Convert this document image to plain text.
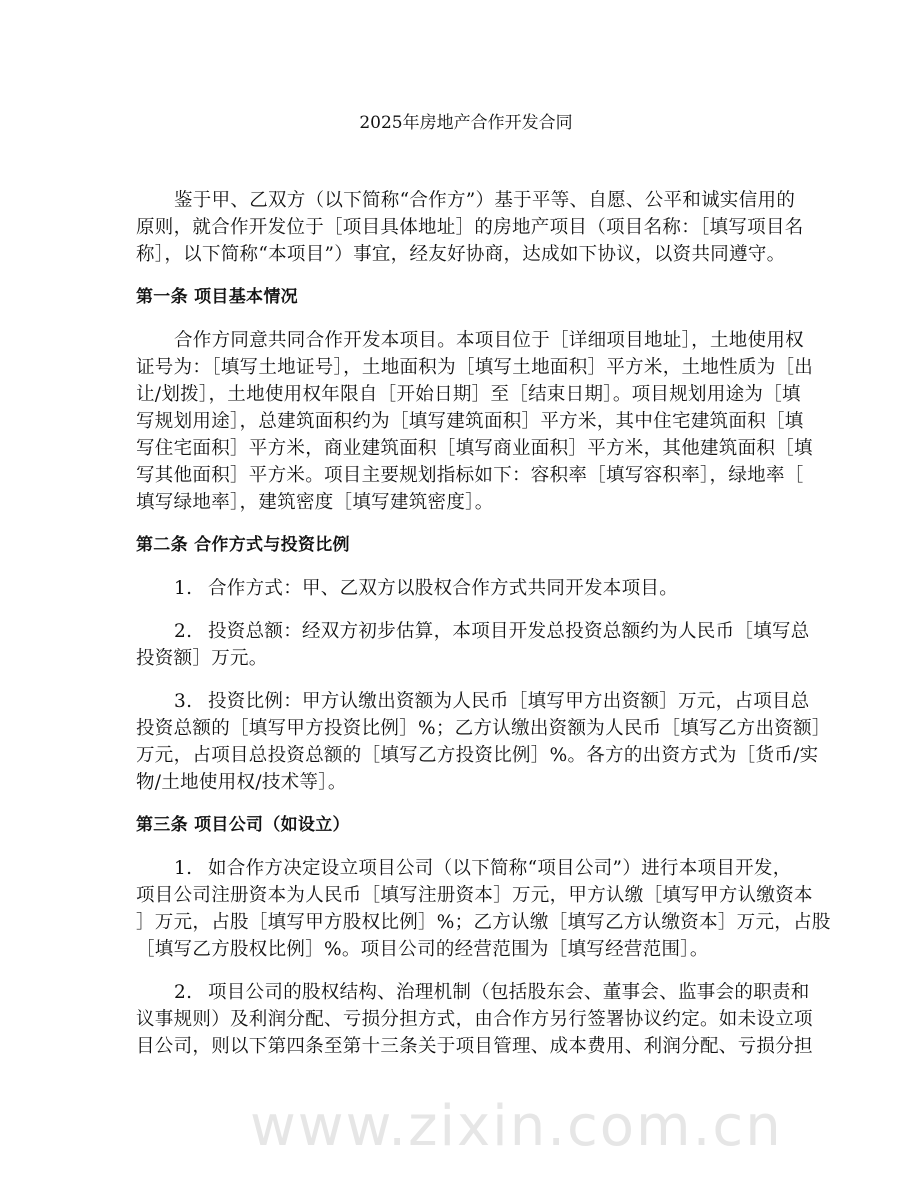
www.zixin.com.cn
2025年房地产合作开发合同
鉴于甲、乙双方（以下简称“合作方”）基于平等、自愿、公平和诚实信用的
原则，就合作开发位于［项目具体地址］的房地产项目（项目名称：［填写项目名
称］，以下简称“本项目”）事宜，经友好协商，达成如下协议，以资共同遵守。
第一条 项目基本情况
合作方同意共同合作开发本项目。本项目位于［详细项目地址］，土地使用权
证号为：［填写土地证号］，土地面积为［填写土地面积］平方米，土地性质为［出
让/划拨］，土地使用权年限自［开始日期］至［结束日期］。项目规划用途为［填
写规划用途］，总建筑面积约为［填写建筑面积］平方米，其中住宅建筑面积［填
写住宅面积］平方米，商业建筑面积［填写商业面积］平方米，其他建筑面积［填
写其他面积］平方米。项目主要规划指标如下：容积率［填写容积率］，绿地率［
填写绿地率］，建筑密度［填写建筑密度］。
第二条 合作方式与投资比例
1. 合作方式：甲、乙双方以股权合作方式共同开发本项目。
2. 投资总额：经双方初步估算，本项目开发总投资总额约为人民币［填写总
投资额］万元。
3. 投资比例：甲方认缴出资额为人民币［填写甲方出资额］万元，占项目总
投资总额的［填写甲方投资比例］%；乙方认缴出资额为人民币［填写乙方出资额］
万元，占项目总投资总额的［填写乙方投资比例］%。各方的出资方式为［货币/实
物/土地使用权/技术等］。
第三条 项目公司（如设立）
1. 如合作方决定设立项目公司（以下简称“项目公司”）进行本项目开发，
项目公司注册资本为人民币［填写注册资本］万元，甲方认缴［填写甲方认缴资本
］万元，占股［填写甲方股权比例］%；乙方认缴［填写乙方认缴资本］万元，占股
［填写乙方股权比例］%。项目公司的经营范围为［填写经营范围］。
2. 项目公司的股权结构、治理机制（包括股东会、董事会、监事会的职责和
议事规则）及利润分配、亏损分担方式，由合作方另行签署协议约定。如未设立项
目公司，则以下第四条至第十三条关于项目管理、成本费用、利润分配、亏损分担
